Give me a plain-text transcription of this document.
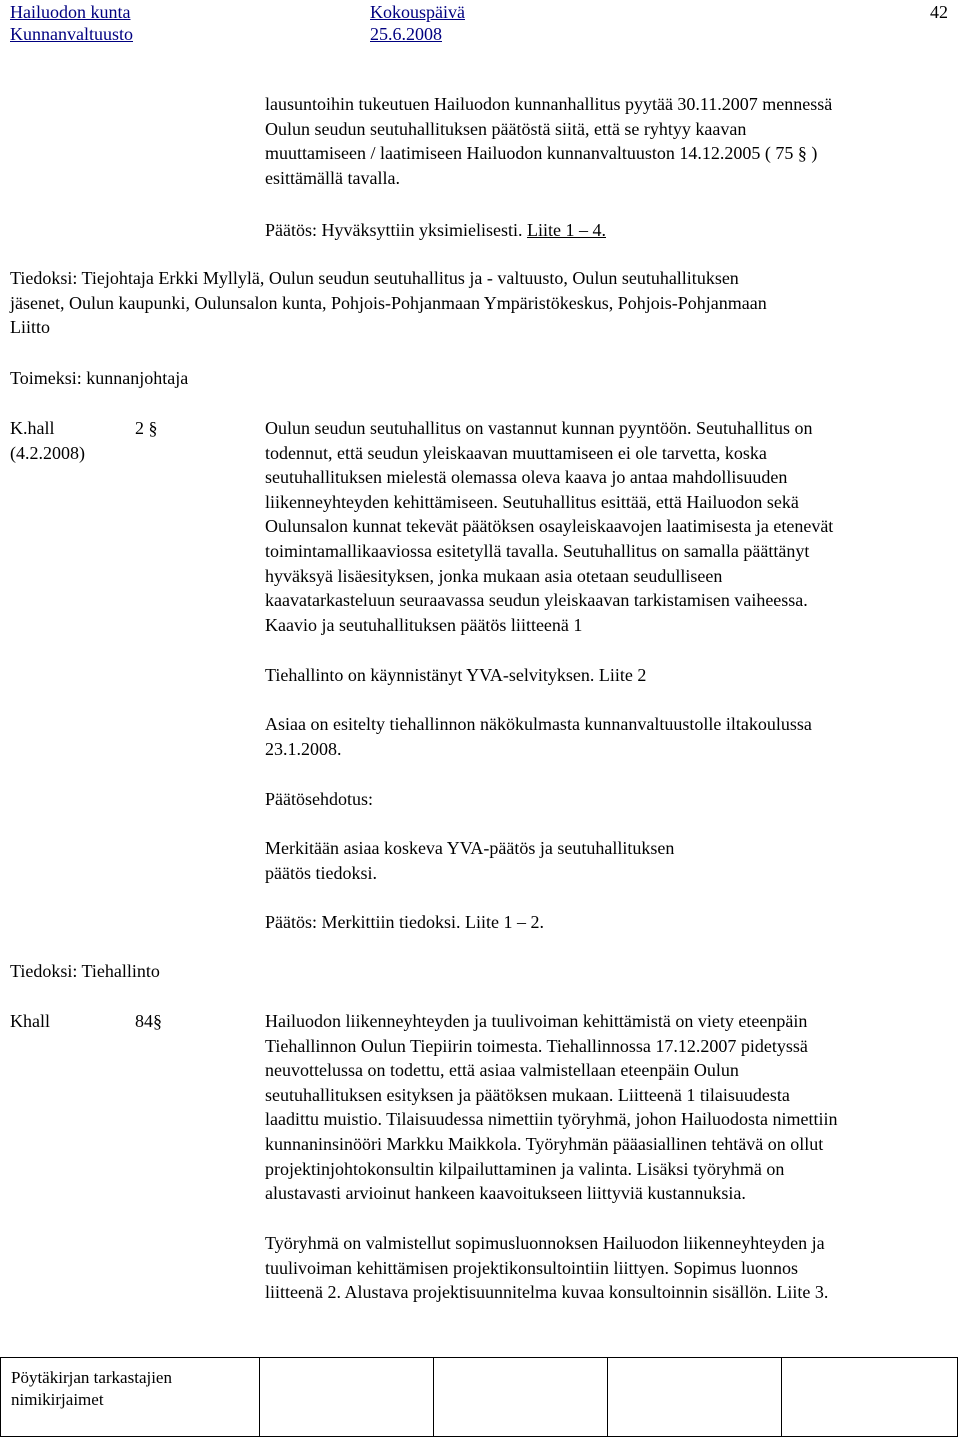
Hailuodon kunta
Kunnanvaltuusto
Kokouspäivä
25.6.2008
42
lausuntoihin tukeutuen Hailuodon kunnanhallitus pyytää 30.11.2007 mennessä
Oulun seudun seutuhallituksen päätöstä siitä, että se ryhtyy kaavan
muuttamiseen / laatimiseen Hailuodon kunnanvaltuuston 14.12.2005 ( 75 § )
esittämällä tavalla.
Päätös: Hyväksyttiin yksimielisesti. Liite 1 – 4.
Tiedoksi: Tiejohtaja Erkki Myllylä, Oulun seudun seutuhallitus ja - valtuusto, Oulun seutuhallituksen
jäsenet, Oulun kaupunki, Oulunsalon kunta, Pohjois-Pohjanmaan Ympäristökeskus, Pohjois-Pohjanmaan
Liitto
Toimeksi: kunnanjohtaja
K.hall	2 §
(4.2.2008)
Oulun seudun seutuhallitus on vastannut kunnan pyyntöön. Seutuhallitus on
todennut, että seudun yleiskaavan muuttamiseen ei ole tarvetta, koska
seutuhallituksen mielestä olemassa oleva kaava jo antaa mahdollisuuden
liikenneyhteyden kehittämiseen. Seutuhallitus esittää, että Hailuodon sekä
Oulunsalon kunnat tekevät päätöksen osayleiskaavojen laatimisesta ja etenevät
toimintamallikaaviossa esitetyllä tavalla. Seutuhallitus on samalla päättänyt
hyväksyä lisäesityksen, jonka mukaan asia otetaan seudulliseen
kaavatarkasteluun seuraavassa seudun yleiskaavan tarkistamisen vaiheessa.
Kaavio ja seutuhallituksen päätös liitteenä 1
Tiehallinto on käynnistänyt YVA-selvityksen. Liite 2
Asiaa on esitelty tiehallinnon näkökulmasta kunnanvaltuustolle iltakoulussa
23.1.2008.
Päätösehdotus:
Merkitään asiaa koskeva YVA-päätös ja seutuhallituksen
päätös tiedoksi.
Päätös: Merkittiin tiedoksi. Liite 1 – 2.
Tiedoksi: Tiehallinto
Khall	84§	Hailuodon liikenneyhteyden ja tuulivoiman kehittämistä on viety eteenpäin
Tiehallinnon Oulun Tiepiirin toimesta. Tiehallinnossa 17.12.2007 pidetyssä
neuvottelussa on todettu, että asiaa valmistellaan eteenpäin Oulun
seutuhallituksen esityksen ja päätöksen mukaan. Liitteenä 1 tilaisuudesta
laadittu muistio. Tilaisuudessa nimettiin työryhmä, johon Hailuodosta nimettiin
kunnaninsinööri Markku Maikkola. Työryhmän pääasiallinen tehtävä on ollut
projektinjohtokonsultin kilpailuttaminen ja valinta. Lisäksi työryhmä on
alustavasti arvioinut hankeen kaavoitukseen liittyviä kustannuksia.
Työryhmä on valmistellut sopimusluonnoksen Hailuodon liikenneyhteyden ja
tuulivoiman kehittämisen projektikonsultointiin liittyen. Sopimus luonnos
liitteenä 2. Alustava projektisuunnitelma kuvaa konsultoinnin sisällön. Liite 3.
Pöytäkirjan tarkastajien
nimikirjaimet
